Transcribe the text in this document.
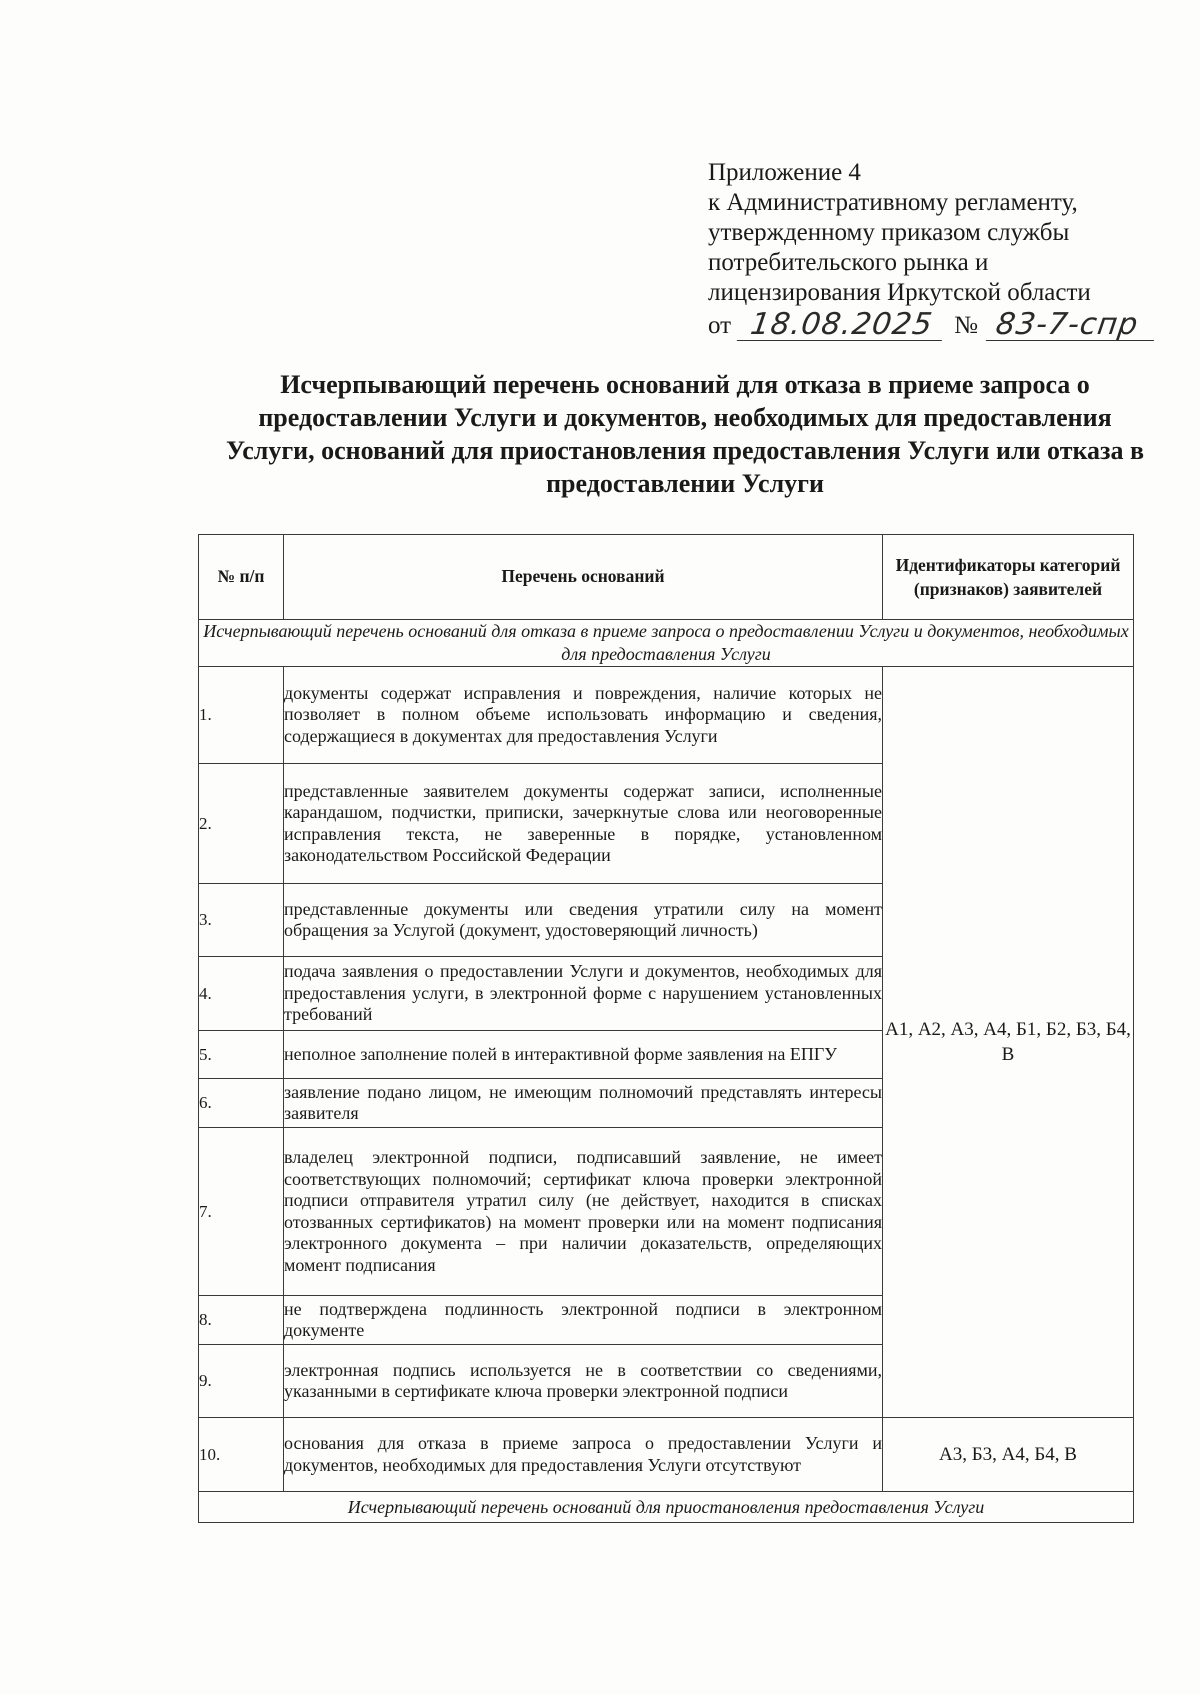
Приложение 4
к Административному регламенту,
утвержденному приказом службы
потребительского рынка и
лицензирования Иркутской области
от 18.08.2025 № 83-7-спр
Исчерпывающий перечень оснований для отказа в приеме запроса о предоставлении Услуги и документов, необходимых для предоставления Услуги, оснований для приостановления предоставления Услуги или отказа в предоставлении Услуги
№ п/п	Перечень оснований	Идентификаторы категорий (признаков) заявителей
Исчерпывающий перечень оснований для отказа в приеме запроса о предоставлении Услуги и документов, необходимых для предоставления Услуги		
1.	документы содержат исправления и повреждения, наличие которых не позволяет в полном объеме использовать информацию и сведения, содержащиеся в документах для предоставления Услуги	А1, А2, А3, А4, Б1, Б2, Б3, Б4, В
2.	представленные заявителем документы содержат записи, исполненные карандашом, подчистки, приписки, зачеркнутые слова или неоговоренные исправления текста, не заверенные в порядке, установленном законодательством Российской Федерации	
3.	представленные документы или сведения утратили силу на момент обращения за Услугой (документ, удостоверяющий личность)	
4.	подача заявления о предоставлении Услуги и документов, необходимых для предоставления услуги, в электронной форме с нарушением установленных требований	
5.	неполное заполнение полей в интерактивной форме заявления на ЕПГУ	
6.	заявление подано лицом, не имеющим полномочий представлять интересы заявителя	
7.	владелец электронной подписи, подписавший заявление, не имеет соответствующих полномочий; сертификат ключа проверки электронной подписи отправителя утратил силу (не действует, находится в списках отозванных сертификатов) на момент проверки или на момент подписания электронного документа – при наличии доказательств, определяющих момент подписания	
8.	не подтверждена подлинность электронной подписи в электронном документе	
9.	электронная подпись используется не в соответствии со сведениями, указанными в сертификате ключа проверки электронной подписи	
10.	основания для отказа в приеме запроса о предоставлении Услуги и документов, необходимых для предоставления Услуги отсутствуют	А3, Б3, А4, Б4, В
Исчерпывающий перечень оснований для приостановления предоставления Услуги		
